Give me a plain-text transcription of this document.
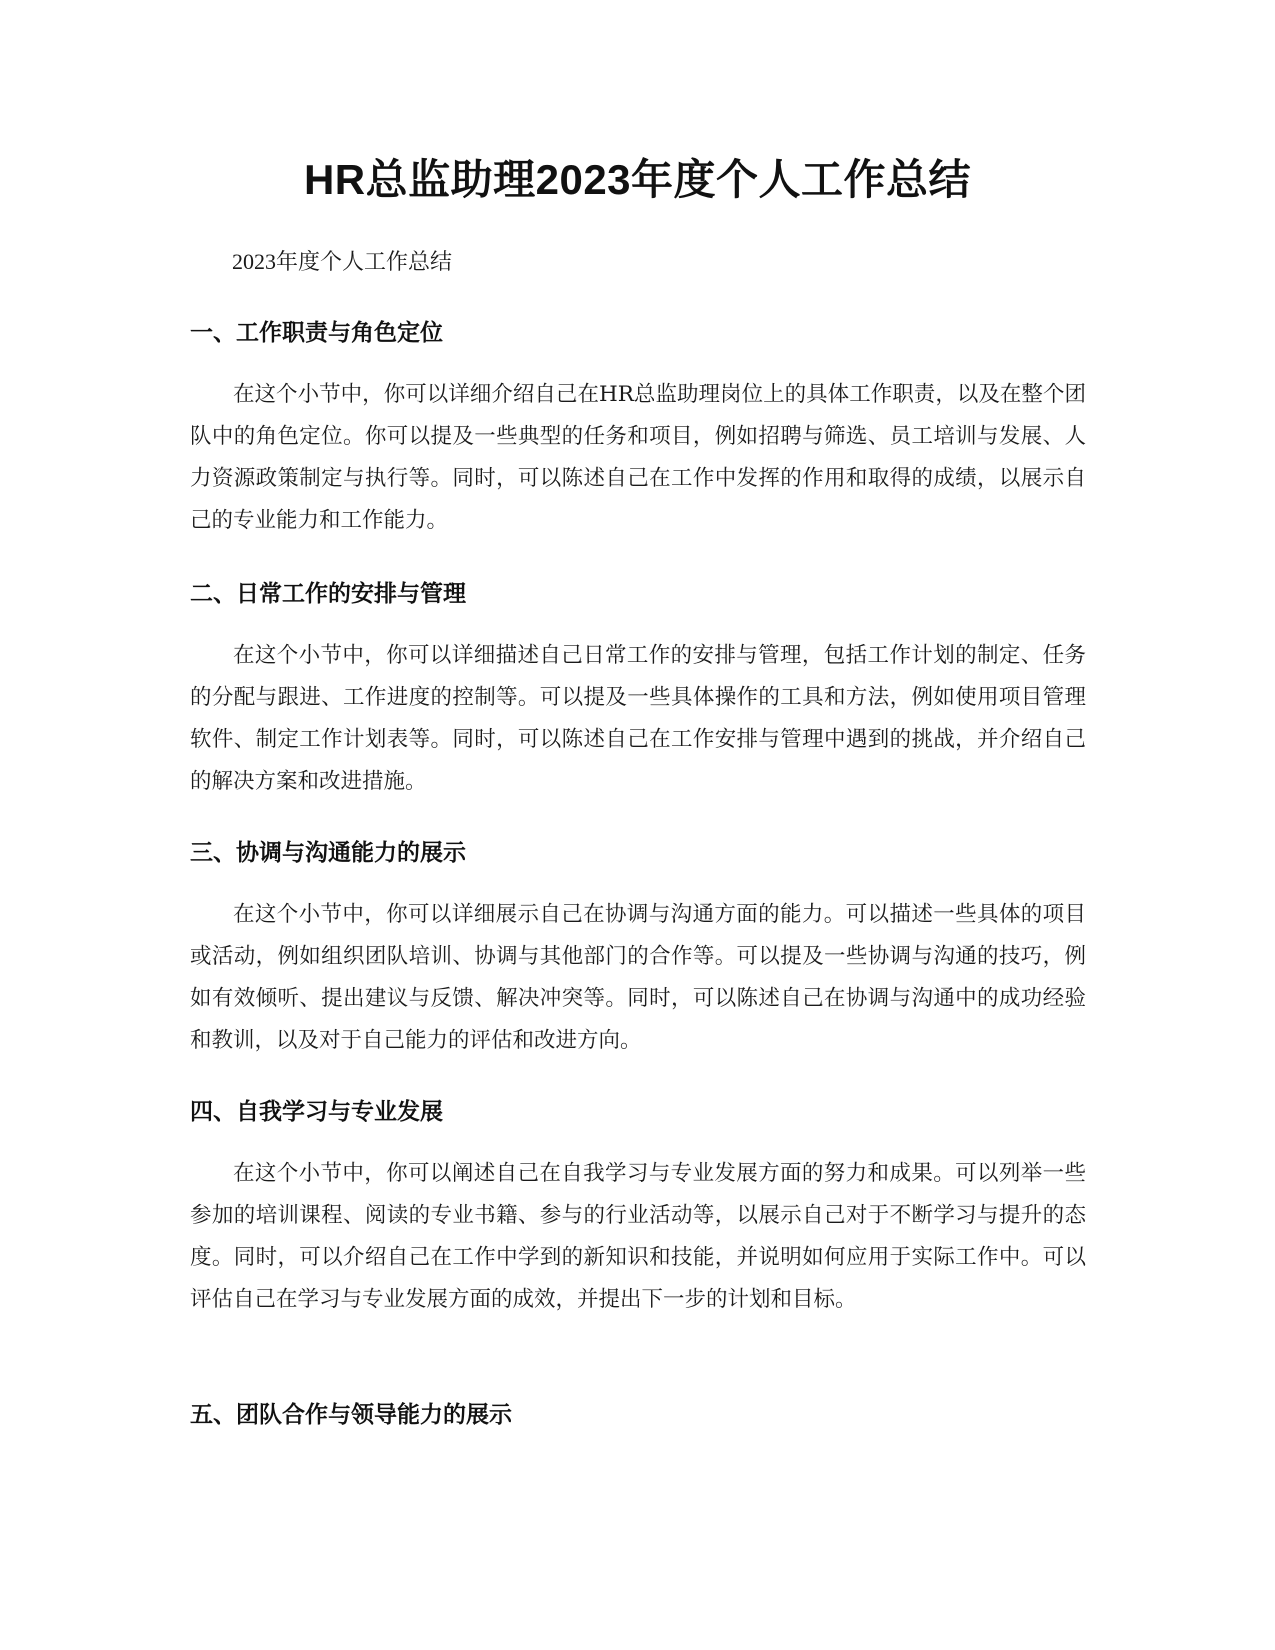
HR总监助理2023年度个人工作总结

2023年度个人工作总结

一、工作职责与角色定位

在这个小节中，你可以详细介绍自己在HR总监助理岗位上的具体工作职责，以及在整个团队中的角色定位。你可以提及一些典型的任务和项目，例如招聘与筛选、员工培训与发展、人力资源政策制定与执行等。同时，可以陈述自己在工作中发挥的作用和取得的成绩，以展示自己的专业能力和工作能力。

二、日常工作的安排与管理

在这个小节中，你可以详细描述自己日常工作的安排与管理，包括工作计划的制定、任务的分配与跟进、工作进度的控制等。可以提及一些具体操作的工具和方法，例如使用项目管理软件、制定工作计划表等。同时，可以陈述自己在工作安排与管理中遇到的挑战，并介绍自己的解决方案和改进措施。

三、协调与沟通能力的展示

在这个小节中，你可以详细展示自己在协调与沟通方面的能力。可以描述一些具体的项目或活动，例如组织团队培训、协调与其他部门的合作等。可以提及一些协调与沟通的技巧，例如有效倾听、提出建议与反馈、解决冲突等。同时，可以陈述自己在协调与沟通中的成功经验和教训，以及对于自己能力的评估和改进方向。

四、自我学习与专业发展

在这个小节中，你可以阐述自己在自我学习与专业发展方面的努力和成果。可以列举一些参加的培训课程、阅读的专业书籍、参与的行业活动等，以展示自己对于不断学习与提升的态度。同时，可以介绍自己在工作中学到的新知识和技能，并说明如何应用于实际工作中。可以评估自己在学习与专业发展方面的成效，并提出下一步的计划和目标。

五、团队合作与领导能力的展示
